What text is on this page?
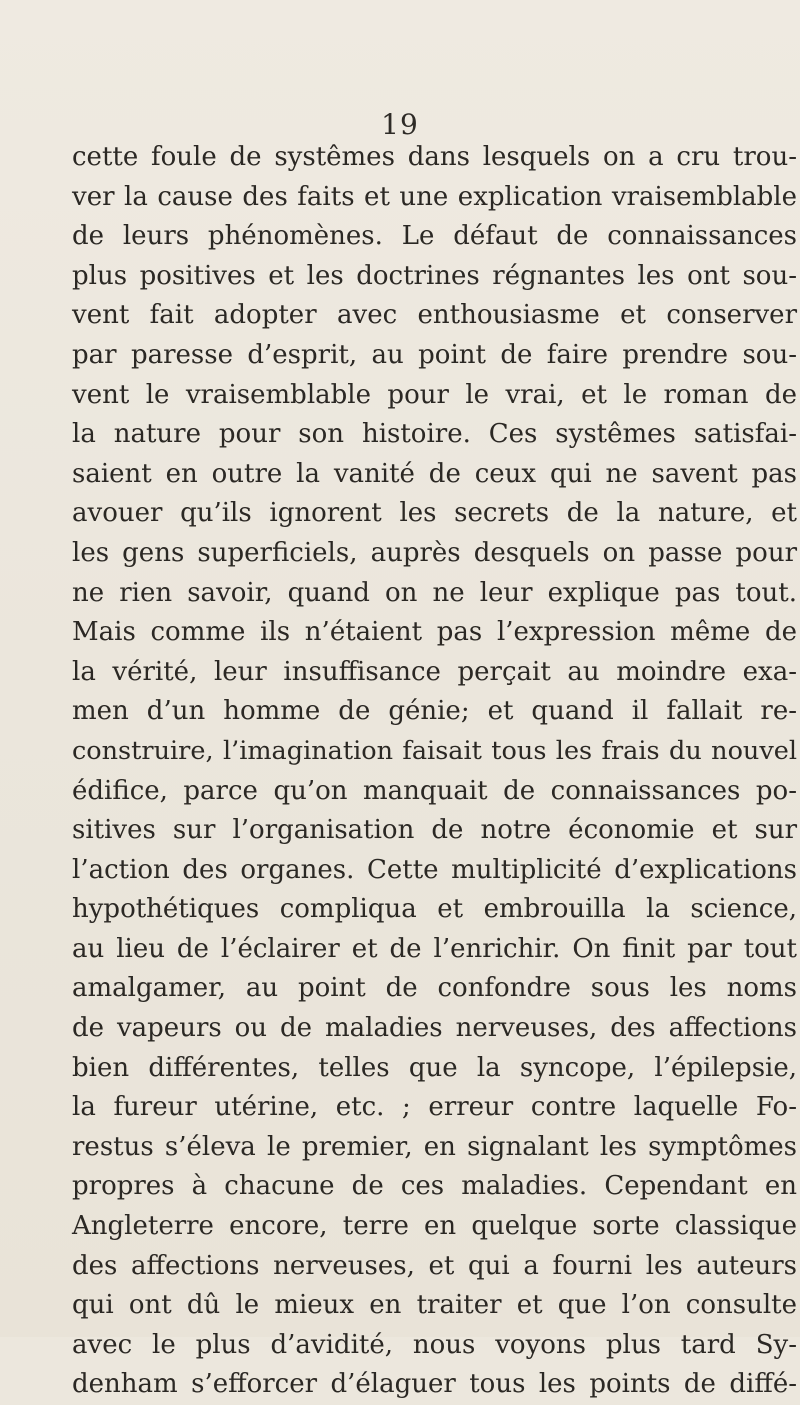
19
cette foule de systêmes dans lesquels on a cru trou-
ver la cause des faits et une explication vraisemblable
de leurs phénomènes. Le défaut de connaissances
plus positives et les doctrines régnantes les ont sou-
vent fait adopter avec enthousiasme et conserver
par paresse d’esprit, au point de faire prendre sou-
vent le vraisemblable pour le vrai, et le roman de
la nature pour son histoire. Ces systêmes satisfai-
saient en outre la vanité de ceux qui ne savent pas
avouer qu’ils ignorent les secrets de la nature, et
les gens superficiels, auprès desquels on passe pour
ne rien savoir, quand on ne leur explique pas tout.
Mais comme ils n’étaient pas l’expression même de
la vérité, leur insuffisance perçait au moindre exa-
men d’un homme de génie; et quand il fallait re-
construire, l’imagination faisait tous les frais du nouvel
édifice, parce qu’on manquait de connaissances po-
sitives sur l’organisation de notre économie et sur
l’action des organes. Cette multiplicité d’explications
hypothétiques compliqua et embrouilla la science,
au lieu de l’éclairer et de l’enrichir. On finit par tout
amalgamer, au point de confondre sous les noms
de vapeurs ou de maladies nerveuses, des affections
bien différentes, telles que la syncope, l’épilepsie,
la fureur utérine, etc. ; erreur contre laquelle Fo-
restus s’éleva le premier, en signalant les symptômes
propres à chacune de ces maladies. Cependant en
Angleterre encore, terre en quelque sorte classique
des affections nerveuses, et qui a fourni les auteurs
qui ont dû le mieux en traiter et que l’on consulte
avec le plus d’avidité, nous voyons plus tard Sy-
denham s’efforcer d’élaguer tous les points de diffé-
